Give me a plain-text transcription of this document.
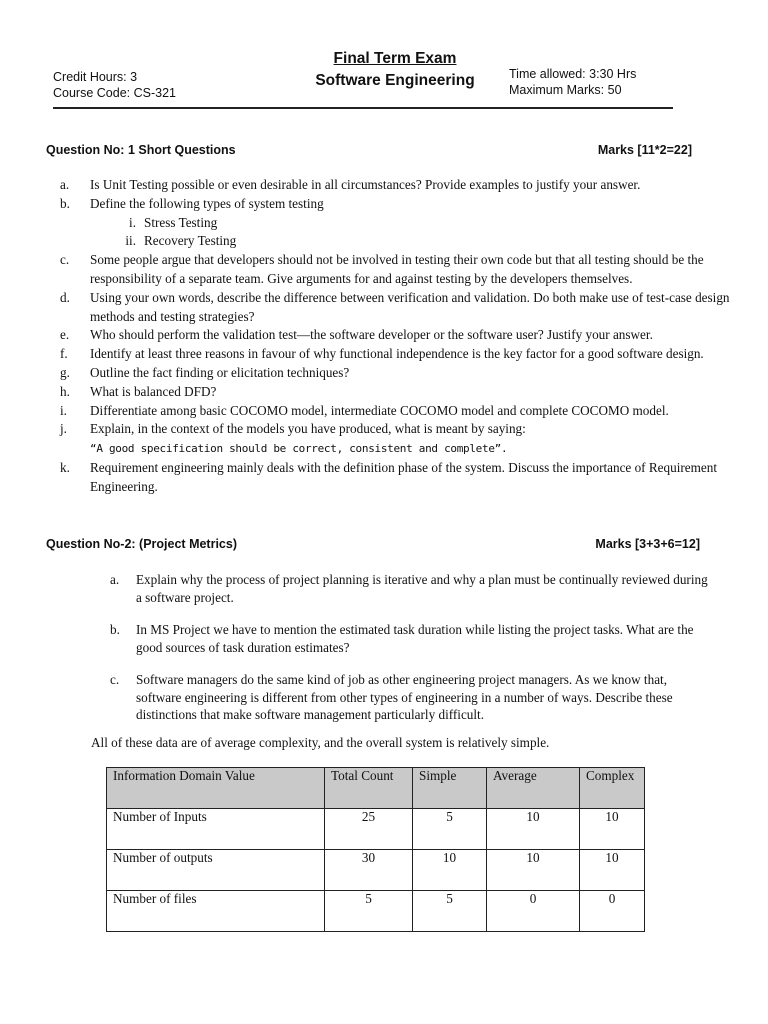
Credit Hours: 3
Course Code: CS-321
Final Term Exam
Software Engineering	Time allowed: 3:30 Hrs
Maximum Marks: 50
Question No: 1 Short Questions	Marks [11*2=22]
a.	Is Unit Testing possible or even desirable in all circumstances? Provide examples to justify your answer.
b.	Define the following types of system testing
i. Stress Testing
ii. Recovery Testing
c.	Some people argue that developers should not be involved in testing their own code but that all testing should be the responsibility of a separate team. Give arguments for and against testing by the developers themselves.
d.	Using your own words, describe the difference between verification and validation. Do both make use of test-case design methods and testing strategies?
e.	Who should perform the validation test—the software developer or the software user? Justify your answer.
f.	Identify at least three reasons in favour of why functional independence is the key factor for a good software design.
g.	Outline the fact finding or elicitation techniques?
h.	What is balanced DFD?
i.	Differentiate among basic COCOMO model, intermediate COCOMO model and complete COCOMO model.
j.	Explain, in the context of the models you have produced, what is meant by saying:
“A good specification should be correct, consistent and complete”.
k.	Requirement engineering mainly deals with the definition phase of the system. Discuss the importance of Requirement Engineering.
Question No-2: (Project Metrics)	Marks [3+3+6=12]
a.	Explain why the process of project planning is iterative and why a plan must be continually reviewed during a software project.
b.	In MS Project we have to mention the estimated task duration while listing the project tasks. What are the good sources of task duration estimates?
c.	Software managers do the same kind of job as other engineering project managers. As we know that, software engineering is different from other types of engineering in a number of ways. Describe these distinctions that make software management particularly difficult.
All of these data are of average complexity, and the overall system is relatively simple.
Information Domain Value	Total Count	Simple	Average	Complex
Number of Inputs	25	5	10	10
Number of outputs	30	10	10	10
Number of files	5	5	0	0
